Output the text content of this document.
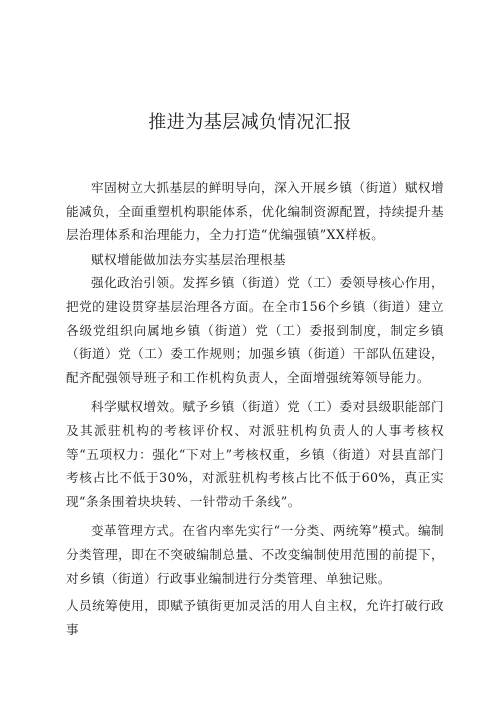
推进为基层减负情况汇报

牢固树立大抓基层的鲜明导向，深入开展乡镇（街道）赋权增能减负，全面重塑机构职能体系，优化编制资源配置，持续提升基层治理体系和治理能力，全力打造“优编强镇”XX样板。

赋权增能做加法夯实基层治理根基

强化政治引领。发挥乡镇（街道）党（工）委领导核心作用，把党的建设贯穿基层治理各方面。在全市156个乡镇（街道）建立各级党组织向属地乡镇（街道）党（工）委报到制度，制定乡镇（街道）党（工）委工作规则；加强乡镇（街道）干部队伍建设，配齐配强领导班子和工作机构负责人，全面增强统筹领导能力。

科学赋权增效。赋予乡镇（街道）党（工）委对县级职能部门及其派驻机构的考核评价权、对派驻机构负责人的人事考核权等“五项权力：强化“下对上”考核权重，乡镇（街道）对县直部门考核占比不低于30%，对派驻机构考核占比不低于60%，真正实现“条条围着块块转、一针带动千条线”。

变革管理方式。在省内率先实行“一分类、两统筹”模式。编制分类管理，即在不突破编制总量、不改变编制使用范围的前提下，对乡镇（街道）行政事业编制进行分类管理、单独记账。

人员统筹使用，即赋予镇街更加灵活的用人自主权，允许打破行政事
